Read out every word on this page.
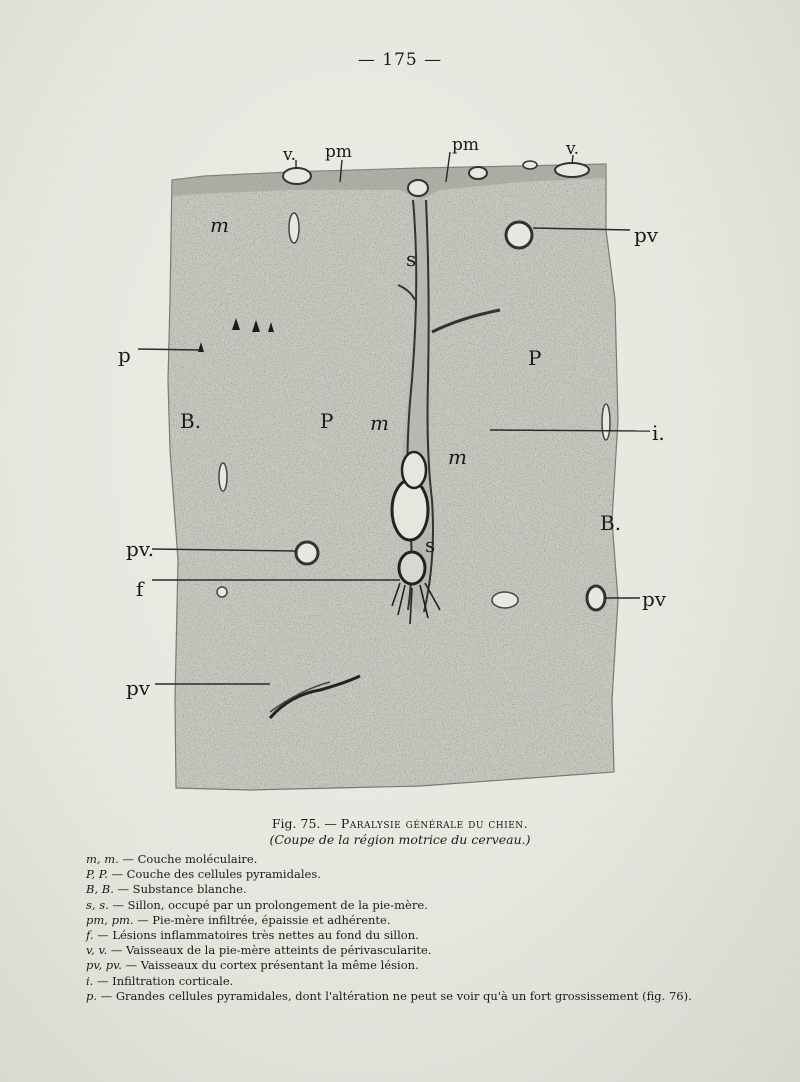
— 175 —
v. pm	pm	v.
m
s
pv
p	P
B.	P m	i.
m
B.
pv.	s
f	pv
pv
Fig. 75. — Paralysie générale du chien.
(Coupe de la région motrice du cerveau.)
m, m. — Couche moléculaire.
P, P. — Couche des cellules pyramidales.
B, B. — Substance blanche.
s, s. — Sillon, occupé par un prolongement de la pie-mère.
pm, pm. — Pie-mère infiltrée, épaissie et adhérente.
f. — Lésions inflammatoires très nettes au fond du sillon.
v, v. — Vaisseaux de la pie-mère atteints de périvascularite.
pv, pv. — Vaisseaux du cortex présentant la même lésion.
i. — Infiltration corticale.
p. — Grandes cellules pyramidales, dont l'altération ne peut se voir qu'à un fort grossissement (fig. 76).
